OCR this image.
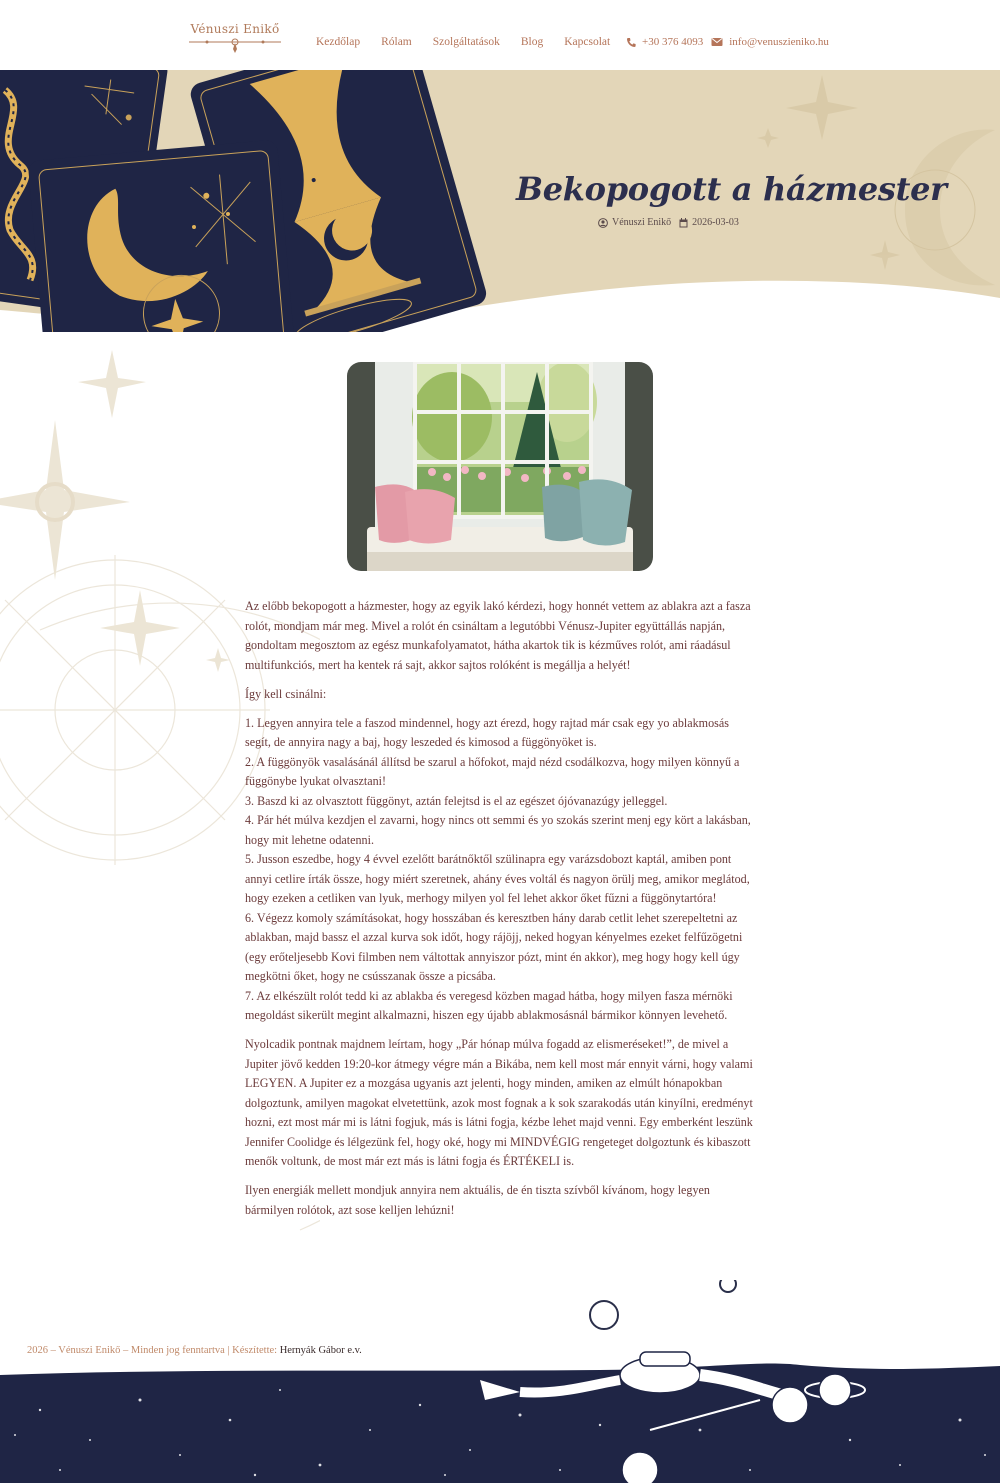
Vénuszi Enikő
Kezdőlap Rólam Szolgáltatások Blog Kapcsolat	+30 376 4093 info@venuszieniko.hu
Bekopogott a házmester
Vénuszi Enikő 2026-03-03

Az előbb bekopogott a házmester, hogy az egyik lakó kérdezi, hogy honnét vettem az ablakra azt a fasza rolót, mondjam már meg. Mivel a rolót én csináltam a legutóbbi Vénusz-Jupiter együttállás napján, gondoltam megosztom az egész munkafolyamatot, hátha akartok tik is kézműves rolót, ami ráadásul multifunkciós, mert ha kentek rá sajt, akkor sajtos rolóként is megállja a helyét!

Így kell csinálni:

1. Legyen annyira tele a faszod mindennel, hogy azt érezd, hogy rajtad már csak egy yo ablakmosás segít, de annyira nagy a baj, hogy leszeded és kimosod a függönyöket is.
2. A függönyök vasalásánál állítsd be szarul a hőfokot, majd nézd csodálkozva, hogy milyen könnyű a függönybe lyukat olvasztani!
3. Baszd ki az olvasztott függönyt, aztán felejtsd is el az egészet ójóvanazúgy jelleggel.
4. Pár hét múlva kezdjen el zavarni, hogy nincs ott semmi és yo szokás szerint menj egy kört a lakásban, hogy mit lehetne odatenni.
5. Jusson eszedbe, hogy 4 évvel ezelőtt barátnőktől szülinapra egy varázsdobozt kaptál, amiben pont annyi cetlire írták össze, hogy miért szeretnek, ahány éves voltál és nagyon örülj meg, amikor meglátod, hogy ezeken a cetliken van lyuk, merhogy milyen yol fel lehet akkor őket fűzni a függönytartóra!
6. Végezz komoly számításokat, hogy hosszában és keresztben hány darab cetlit lehet szerepeltetni az ablakban, majd bassz el azzal kurva sok időt, hogy rájöjj, neked hogyan kényelmes ezeket felfűzögetni (egy erőteljesebb Kovi filmben nem váltottak annyiszor pózt, mint én akkor), meg hogy hogy kell úgy megkötni őket, hogy ne csússzanak össze a picsába.
7. Az elkészült rolót tedd ki az ablakba és veregesd közben magad hátba, hogy milyen fasza mérnöki megoldást sikerült megint alkalmazni, hiszen egy újabb ablakmosásnál bármikor könnyen levehető.

Nyolcadik pontnak majdnem leírtam, hogy „Pár hónap múlva fogadd az elismeréseket!”, de mivel a Jupiter jövő kedden 19:20-kor átmegy végre mán a Bikába, nem kell most már ennyit várni, hogy valami LEGYEN. A Jupiter ez a mozgása ugyanis azt jelenti, hogy minden, amiken az elmúlt hónapokban dolgoztunk, amilyen magokat elvetettünk, azok most fognak a k sok szarakodás után kinyílni, eredményt hozni, ezt most már mi is látni fogjuk, más is látni fogja, kézbe lehet majd venni. Egy emberként leszünk Jennifer Coolidge és lélgezünk fel, hogy oké, hogy mi MINDVÉGIG rengeteget dolgoztunk és kibaszott menők voltunk, de most már ezt más is látni fogja és ÉRTÉKELI is.

Ilyen energiák mellett mondjuk annyira nem aktuális, de én tiszta szívből kívánom, hogy legyen bármilyen rolótok, azt sose kelljen lehúzni!

2026 – Vénuszi Enikő – Minden jog fenntartva | Készítette: Hernyák Gábor e.v.
